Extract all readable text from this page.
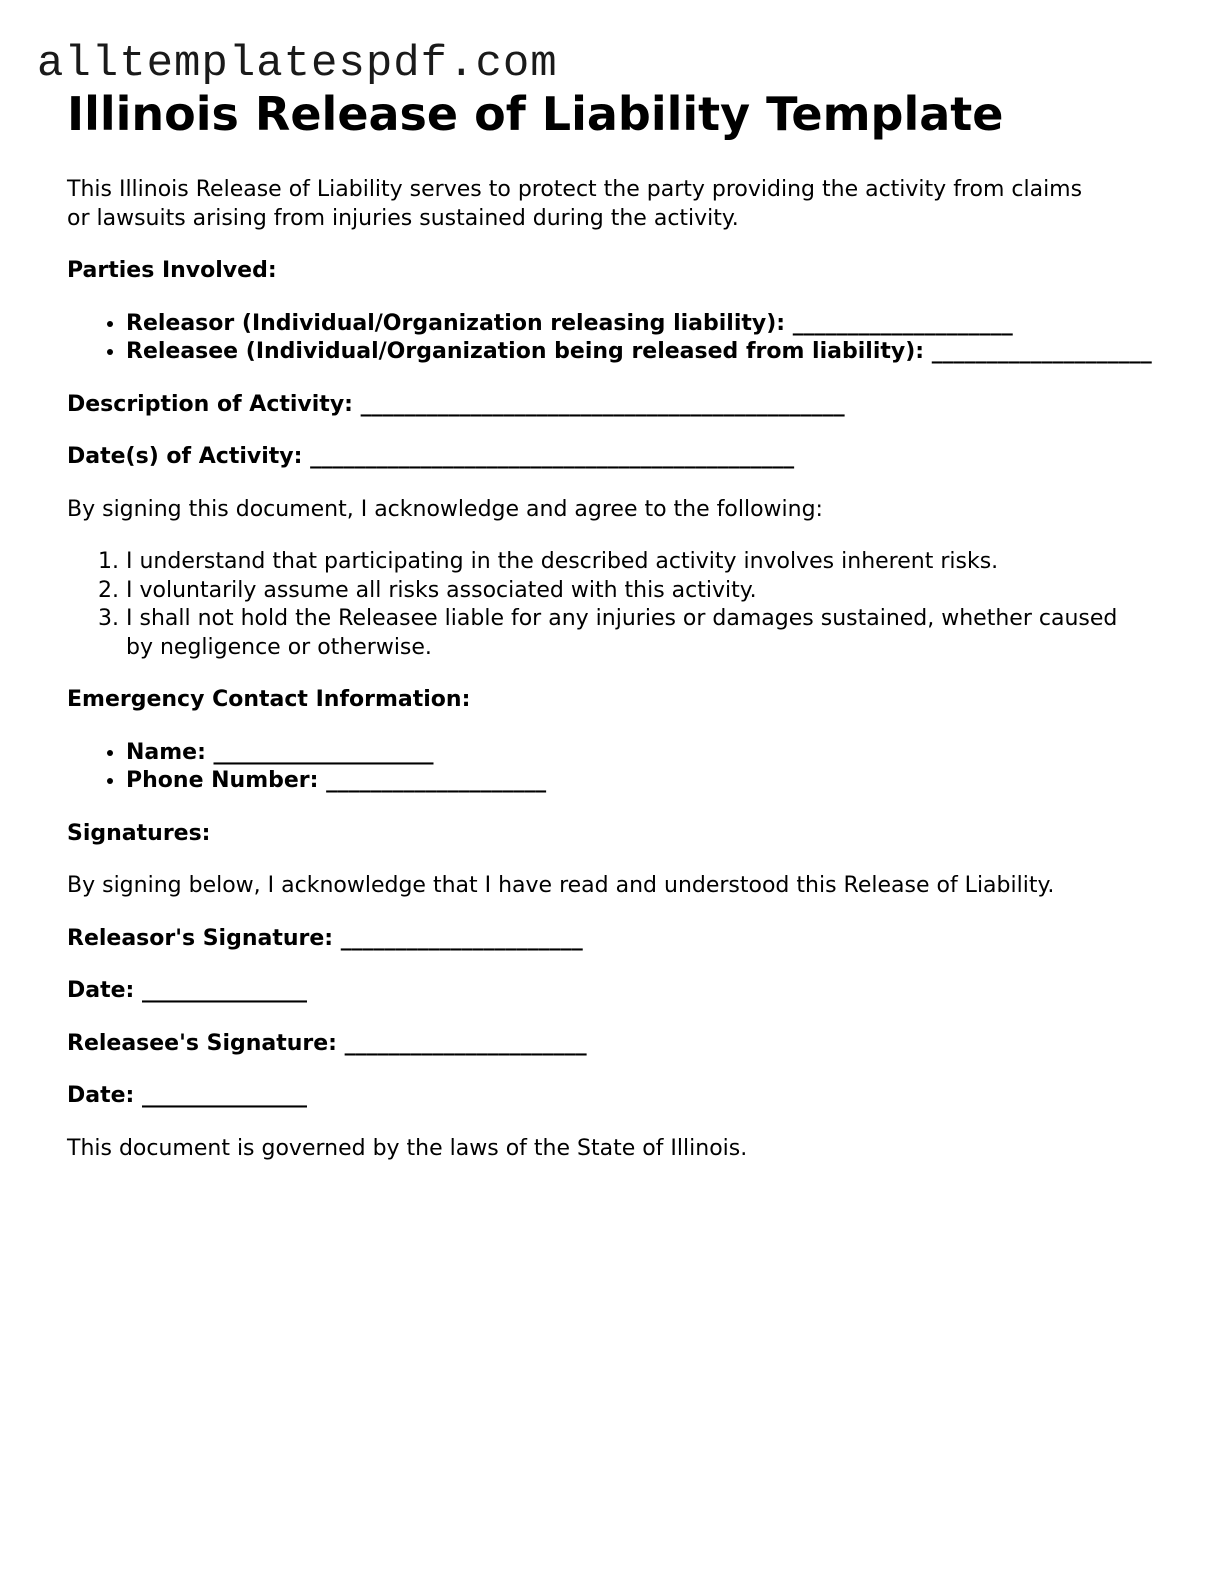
alltemplatespdf.com
Illinois Release of Liability Template

This Illinois Release of Liability serves to protect the party providing the activity from claims or lawsuits arising from injuries sustained during the activity.

Parties Involved:

• Releasor (Individual/Organization releasing liability): ____________________
• Releasee (Individual/Organization being released from liability): ____________________

Description of Activity: ____________________________________________

Date(s) of Activity: ____________________________________________

By signing this document, I acknowledge and agree to the following:

1. I understand that participating in the described activity involves inherent risks.
2. I voluntarily assume all risks associated with this activity.
3. I shall not hold the Releasee liable for any injuries or damages sustained, whether caused by negligence or otherwise.

Emergency Contact Information:

• Name: ____________________
• Phone Number: ____________________

Signatures:

By signing below, I acknowledge that I have read and understood this Release of Liability.

Releasor's Signature: ______________________

Date: _______________

Releasee's Signature: ______________________

Date: _______________

This document is governed by the laws of the State of Illinois.
